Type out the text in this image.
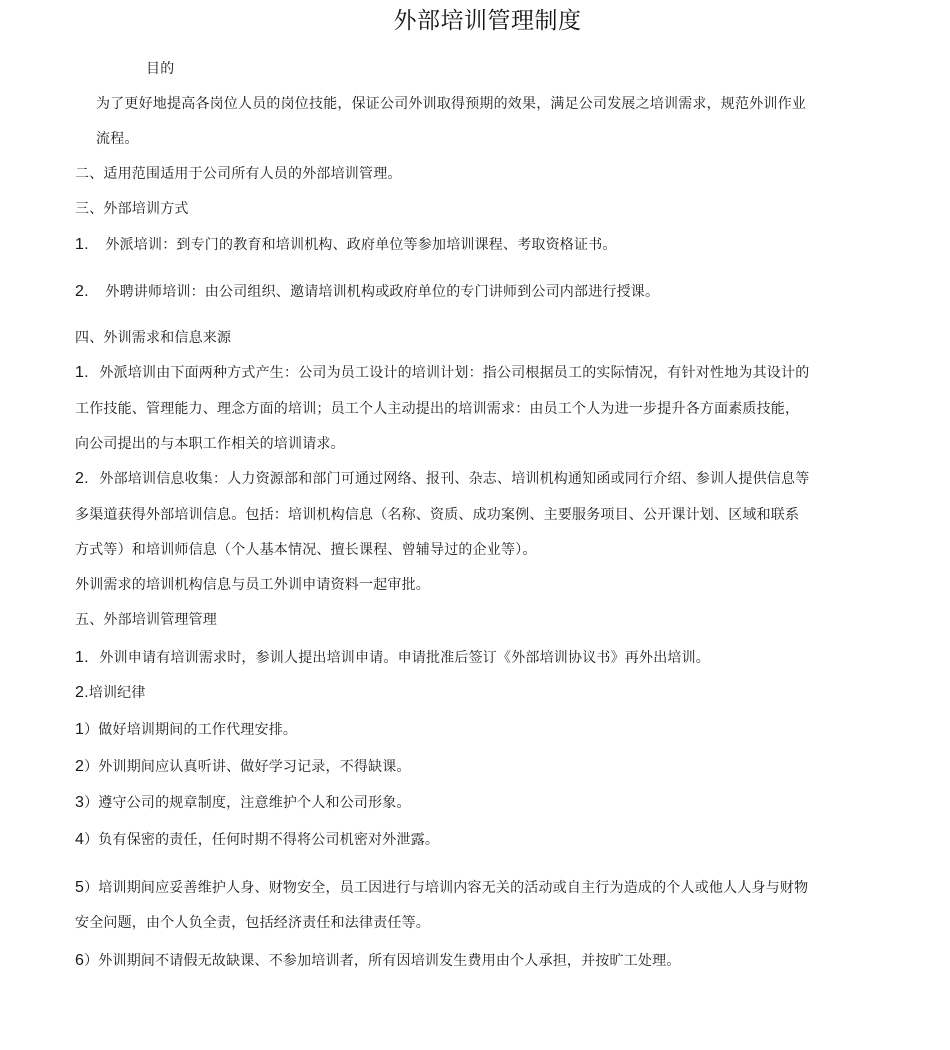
外部培训管理制度
目的
为了更好地提高各岗位人员的岗位技能，保证公司外训取得预期的效果，满足公司发展之培训需求，规范外训作业
流程。
二、适用范围适用于公司所有人员的外部培训管理。
三、外部培训方式
1. 外派培训：到专门的教育和培训机构、政府单位等参加培训课程、考取资格证书。
2. 外聘讲师培训：由公司组织、邀请培训机构或政府单位的专门讲师到公司内部进行授课。
四、外训需求和信息来源
1. 外派培训由下面两种方式产生：公司为员工设计的培训计划：指公司根据员工的实际情况，有针对性地为其设计的
工作技能、管理能力、理念方面的培训；员工个人主动提出的培训需求：由员工个人为进一步提升各方面素质技能，
向公司提出的与本职工作相关的培训请求。
2. 外部培训信息收集：人力资源部和部门可通过网络、报刊、杂志、培训机构通知函或同行介绍、参训人提供信息等
多渠道获得外部培训信息。包括：培训机构信息（名称、资质、成功案例、主要服务项目、公开课计划、区域和联系
方式等）和培训师信息（个人基本情况、擅长课程、曾辅导过的企业等）。
外训需求的培训机构信息与员工外训申请资料一起审批。
五、外部培训管理管理
1. 外训申请有培训需求时，参训人提出培训申请。申请批准后签订《外部培训协议书》再外出培训。
2.培训纪律
1）做好培训期间的工作代理安排。
2）外训期间应认真听讲、做好学习记录，不得缺课。
3）遵守公司的规章制度，注意维护个人和公司形象。
4）负有保密的责任，任何时期不得将公司机密对外泄露。
5）培训期间应妥善维护人身、财物安全，员工因进行与培训内容无关的活动或自主行为造成的个人或他人人身与财物
安全问题，由个人负全责，包括经济责任和法律责任等。
6）外训期间不请假无故缺课、不参加培训者，所有因培训发生费用由个人承担，并按旷工处理。
